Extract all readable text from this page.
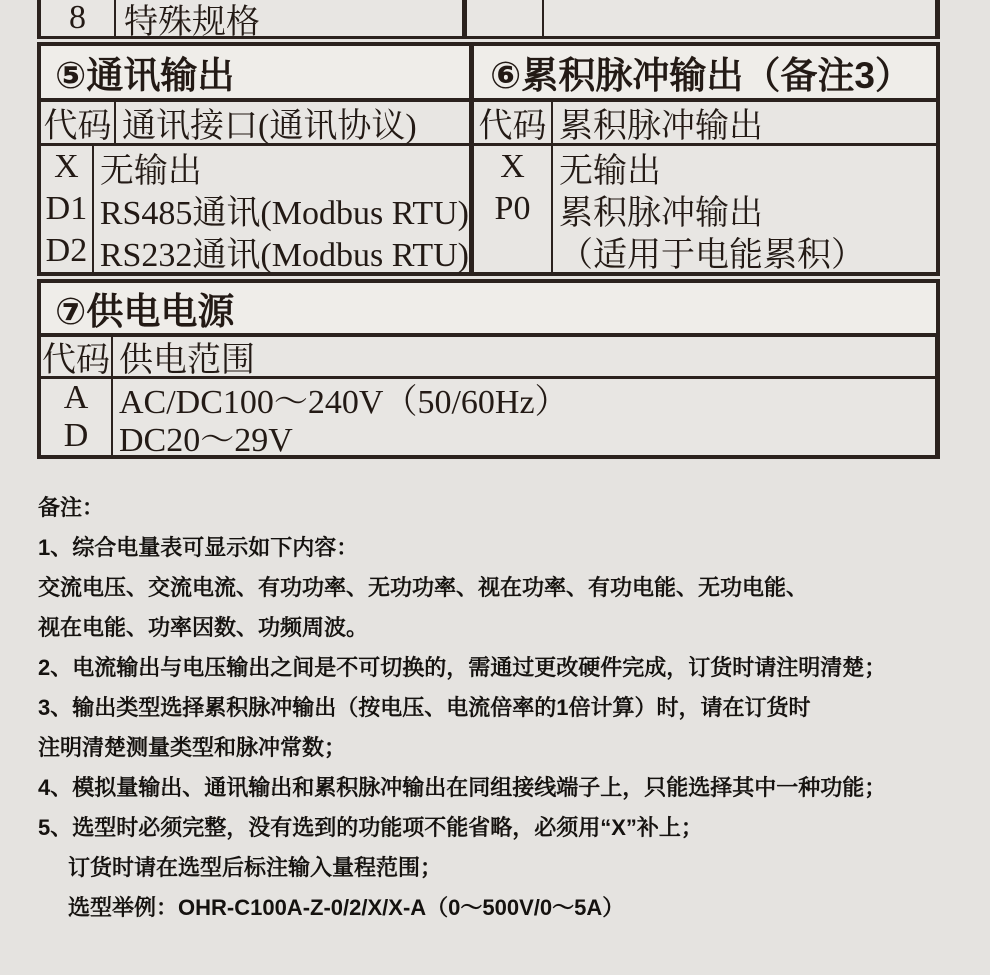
8	特殊规格
⑤通讯输出	⑥累积脉冲输出（备注3）
代码 通讯接口(通讯协议)
X
D1
D2
无输出
RS485通讯(Modbus RTU)
RS232通讯(Modbus RTU)
代码 累积脉冲输出
X
P0
无输出
累积脉冲输出
（适用于电能累积）
⑦供电电源
代码 供电范围
A
D
AC/DC100～240V（50/60Hz）
DC20～29V
备注：
1、综合电量表可显示如下内容：
交流电压、交流电流、有功功率、无功功率、视在功率、有功电能、无功电能、
视在电能、功率因数、功频周波。
2、电流输出与电压输出之间是不可切换的，需通过更改硬件完成，订货时请注明清楚；
3、输出类型选择累积脉冲输出（按电压、电流倍率的1倍计算）时，请在订货时
注明清楚测量类型和脉冲常数；
4、模拟量输出、通讯输出和累积脉冲输出在同组接线端子上，只能选择其中一种功能；
5、选型时必须完整，没有选到的功能项不能省略，必须用“X”补上；
订货时请在选型后标注输入量程范围；
选型举例：OHR-C100A-Z-0/2/X/X-A（0～500V/0～5A）
